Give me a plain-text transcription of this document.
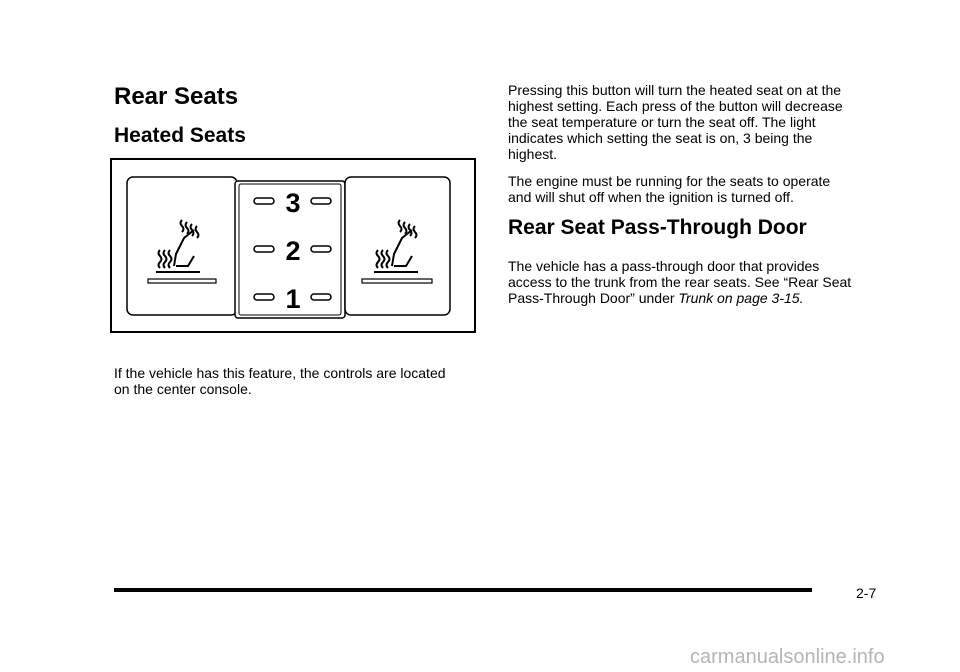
Rear Seats
Heated Seats
3
2
1
If the vehicle has this feature, the controls are located
on the center console.
Pressing this button will turn the heated seat on at the
highest setting. Each press of the button will decrease
the seat temperature or turn the seat off. The light
indicates which setting the seat is on, 3 being the
highest.
The engine must be running for the seats to operate
and will shut off when the ignition is turned off.
Rear Seat Pass-Through Door
The vehicle has a pass-through door that provides
access to the trunk from the rear seats. See “Rear Seat
Pass-Through Door” under Trunk on page 3-15.
2-7
carmanualsonline.info
